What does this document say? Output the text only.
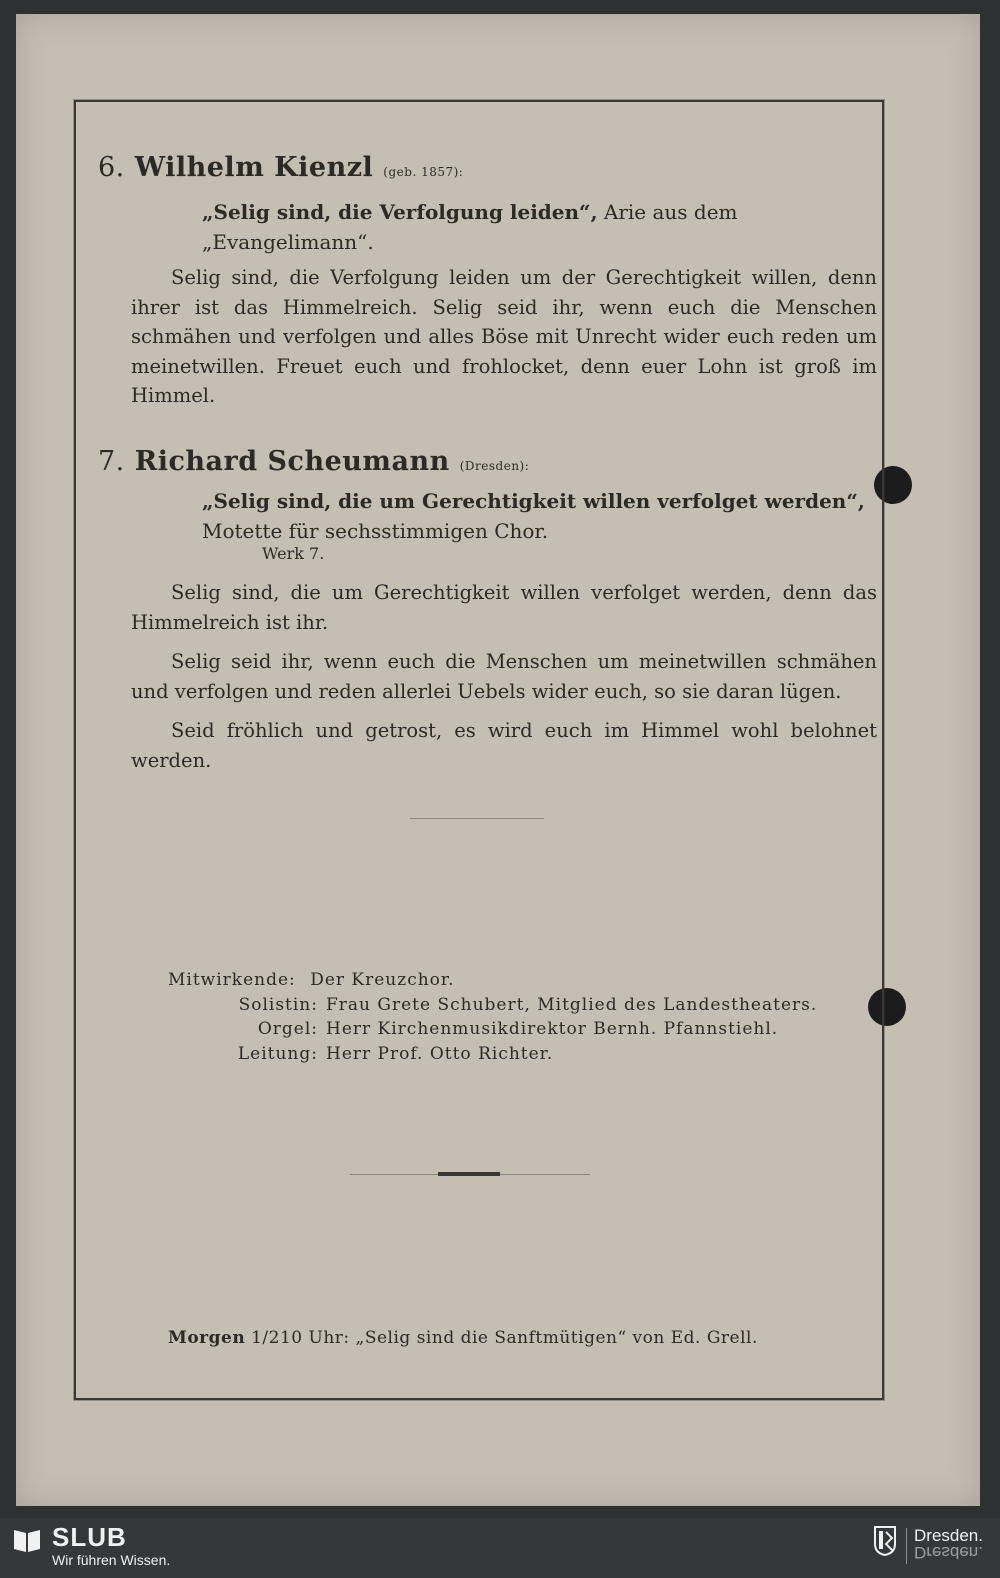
6. Wilhelm Kienzl (geb. 1857):
„Selig sind, die Verfolgung leiden“, Arie aus dem „Evangelimann“.
Selig sind, die Verfolgung leiden um der Gerechtigkeit willen, denn ihrer ist das Himmelreich. Selig seid ihr, wenn euch die Menschen schmähen und verfolgen und alles Böse mit Unrecht wider euch reden um meinetwillen. Freuet euch und frohlocket, denn euer Lohn ist groß im Himmel.
7. Richard Scheumann (Dresden):
„Selig sind, die um Gerechtigkeit willen verfolget werden“,
Motette für sechsstimmigen Chor.
Werk 7.
Selig sind, die um Gerechtigkeit willen verfolget werden, denn das Himmelreich ist ihr.
Selig seid ihr, wenn euch die Menschen um meinetwillen schmähen und verfolgen und reden allerlei Uebels wider euch, so sie daran lügen.
Seid fröhlich und getrost, es wird euch im Himmel wohl belohnet werden.
Mitwirkende: Der Kreuzchor.
Solistin: Frau Grete Schubert, Mitglied des Landestheaters.
Orgel: Herr Kirchenmusikdirektor Bernh. Pfannstiehl.
Leitung: Herr Prof. Otto Richter.
Morgen 1/210 Uhr: „Selig sind die Sanftmütigen“ von Ed. Grell.
SLUB
Wir führen Wissen.
Dresden.
Dresden.
